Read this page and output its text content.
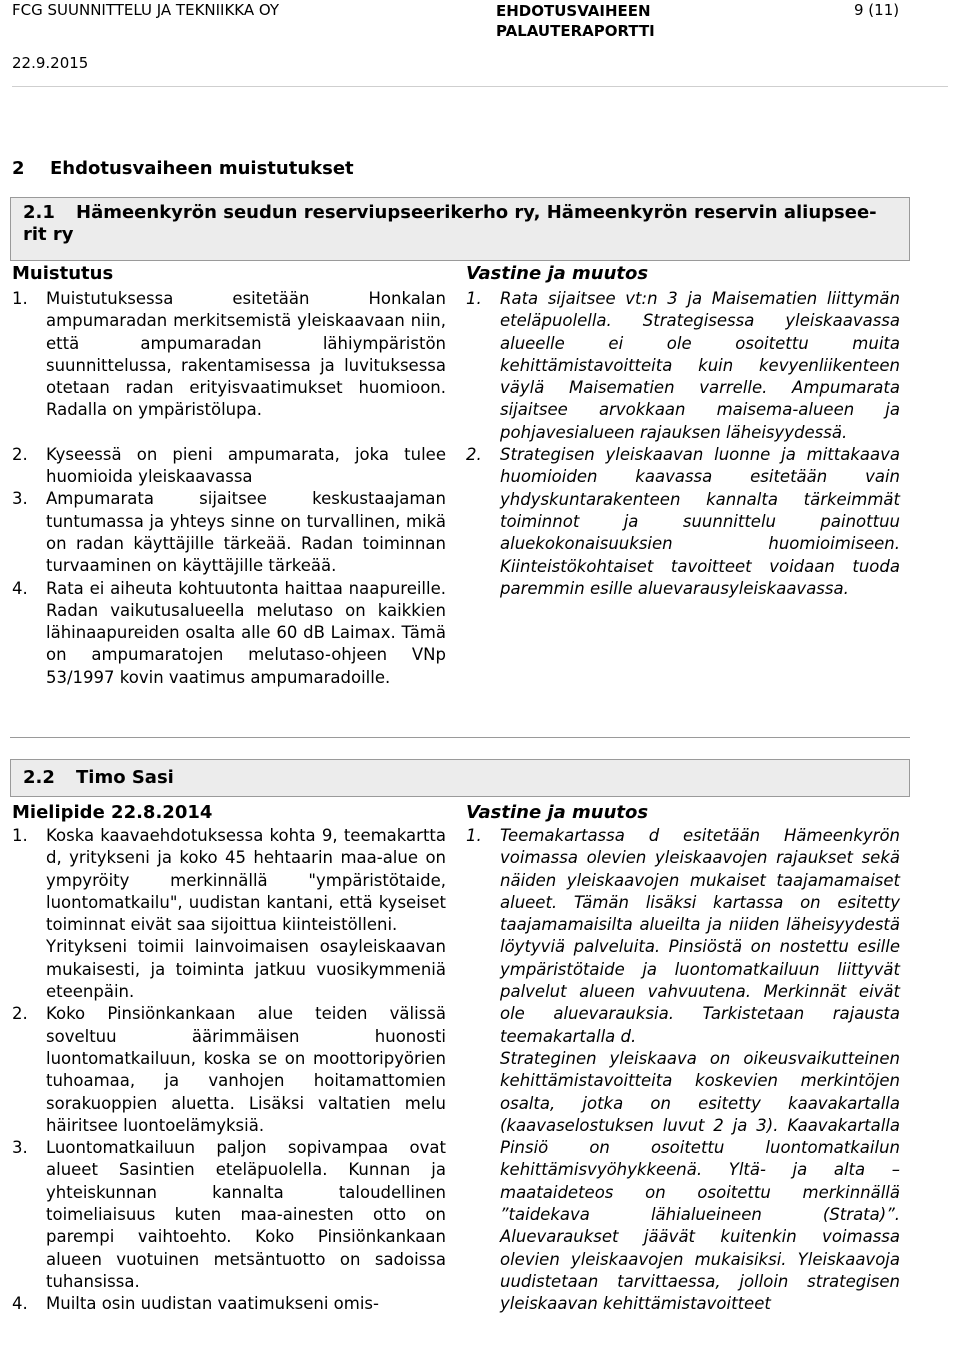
FCG SUUNNITTELU JA TEKNIIKKA OY
22.9.2015
EHDOTUSVAIHEEN
PALAUTERAPORTTI
9 (11)
2 Ehdotusvaiheen muistutukset
2.1 Hämeenkyrön seudun reserviupseerikerho ry, Hämeenkyrön reservin aliupsee-
rit ry
Muistutus	Vastine ja muutos
1. Muistutuksessa esitetään Honkalan ampumaradan merkitsemistä yleiskaavaan niin, että ampumaradan lähiympäristön suunnittelussa, rakentamisessa ja luvituksessa otetaan radan erityisvaatimukset huomioon. Radalla on ympäristölupa.

2. Kyseessä on pieni ampumarata, joka tulee huomioida yleiskaavassa

3. Ampumarata sijaitsee keskustaajaman tuntumassa ja yhteys sinne on turvallinen, mikä on radan käyttäjille tärkeää. Radan toiminnan turvaaminen on käyttäjille tärkeää.

4. Rata ei aiheuta kohtuutonta haittaa naapureille. Radan vaikutusalueella melutaso on kaikkien lähinaapureiden osalta alle 60 dB Laimax. Tämä on ampumaratojen melutaso-ohjeen VNp 53/1997 kovin vaatimus ampumaradoille.

1. Rata sijaitsee vt:n 3 ja Maisematien liittymän eteläpuolella. Strategisessa yleiskaavassa alueelle ei ole osoitettu muita kehittämistavoitteita kuin kevyenliikenteen väylä Maisematien varrelle. Ampumarata sijaitsee arvokkaan maisema-alueen ja pohjavesialueen rajauksen läheisyydessä.

2. Strategisen yleiskaavan luonne ja mittakaava huomioiden kaavassa esitetään vain yhdyskuntarakenteen kannalta tärkeimmät toiminnot ja suunnittelu painottuu aluekokonaisuuksien huomioimiseen. Kiinteistökohtaiset tavoitteet voidaan tuoda paremmin esille aluevarausyleiskaavassa.

2.2 Timo Sasi
Mielipide 22.8.2014	Vastine ja muutos
1. Koska kaavaehdotuksessa kohta 9, teemakartta d, yritykseni ja koko 45 hehtaarin maa-alue on ympyröity merkinnällä "ympäristötaide, luontomatkailu", uudistan kantani, että kyseiset toiminnat eivät saa sijoittua kiinteistölleni.

Yritykseni toimii lainvoimaisen osayleiskaavan mukaisesti, ja toiminta jatkuu vuosikymmeniä eteenpäin.

2. Koko Pinsiönkankaan alue teiden välissä soveltuu äärimmäisen huonosti luontomatkailuun, koska se on moottoripyörien tuhoamaa, ja vanhojen hoitamattomien sorakuoppien aluetta. Lisäksi valtatien melu häiritsee luontoelämyksiä.

3. Luontomatkailuun paljon sopivampaa ovat alueet Sasintien eteläpuolella. Kunnan ja yhteiskunnan kannalta taloudellinen toimeliaisuus kuten maa-ainesten otto on parempi vaihtoehto. Koko Pinsiönkankaan alueen vuotuinen metsäntuotto on sadoissa tuhansissa.

4. Muilta osin uudistan vaatimukseni omis-

1. Teemakartassa d esitetään Hämeenkyrön voimassa olevien yleiskaavojen rajaukset sekä näiden yleiskaavojen mukaiset taajamamaiset alueet. Tämän lisäksi kartassa on esitetty taajamamaisilta alueilta ja niiden läheisyydestä löytyviä palveluita. Pinsiöstä on nostettu esille ympäristötaide ja luontomatkailuun liittyvät palvelut alueen vahvuutena. Merkinnät eivät ole aluevarauksia. Tarkistetaan rajausta teemakartalla d.

Strateginen yleiskaava on oikeusvaikutteinen kehittämistavoitteita koskevien merkintöjen osalta, jotka on esitetty kaavakartalla (kaavaselostuksen luvut 2 ja 3). Kaavakartalla Pinsiö on osoitettu luontomatkailun kehittämisvyöhykkeenä. Yltä- ja alta –maataideteos on osoitettu merkinnällä ”taidekava lähialueineen (Strata)”. Aluevaraukset jäävät kuitenkin voimassa olevien yleiskaavojen mukaisiksi. Yleiskaavoja uudistetaan tarvittaessa, jolloin strategisen yleiskaavan kehittämistavoitteet
